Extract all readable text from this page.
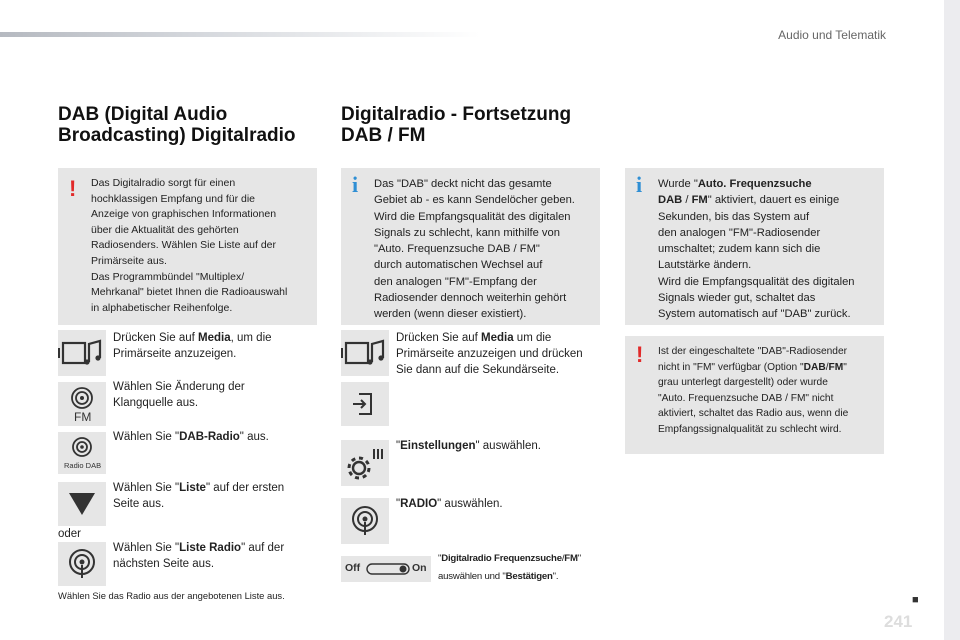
Audio und Telematik
DAB (Digital Audio
Broadcasting) Digitalradio
! Das Digitalradio sorgt für einen
hochklassigen Empfang und für die
Anzeige von graphischen Informationen
über die Aktualität des gehörten
Radiosenders. Wählen Sie Liste auf der
Primärseite aus.
Das Programmbündel "Multiplex/
Mehrkanal" bietet Ihnen die Radioauswahl
in alphabetischer Reihenfolge.
Drücken Sie auf Media, um die
Primärseite anzuzeigen.
FM
Wählen Sie Änderung der
Klangquelle aus.
Radio DAB
Wählen Sie "DAB-Radio" aus.
Wählen Sie "Liste" auf der ersten
Seite aus.
oder
Wählen Sie "Liste Radio" auf der
nächsten Seite aus.
Wählen Sie das Radio aus der angebotenen Liste aus.
Digitalradio - Fortsetzung
DAB / FM
i Das "DAB" deckt nicht das gesamte
Gebiet ab - es kann Sendelöcher geben.
Wird die Empfangsqualität des digitalen
Signals zu schlecht, kann mithilfe von
"Auto. Frequenzsuche DAB / FM"
durch automatischen Wechsel auf
den analogen "FM"-Empfang der
Radiosender dennoch weiterhin gehört
werden (wenn dieser existiert).
Drücken Sie auf Media um die
Primärseite anzuzeigen und drücken
Sie dann auf die Sekundärseite.
"Einstellungen" auswählen.
"RADIO" auswählen.
Off	On
"Digitalradio Frequenzsuche/FM"
auswählen und "Bestätigen".
i Wurde "Auto. Frequenzsuche
DAB / FM" aktiviert, dauert es einige
Sekunden, bis das System auf
den analogen "FM"-Radiosender
umschaltet; zudem kann sich die
Lautstärke ändern.
Wird die Empfangsqualität des digitalen
Signals wieder gut, schaltet das
System automatisch auf "DAB" zurück.
! Ist der eingeschaltete "DAB"-Radiosender
nicht in "FM" verfügbar (Option "DAB/FM"
grau unterlegt dargestellt) oder wurde
"Auto. Frequenzsuche DAB / FM" nicht
aktiviert, schaltet das Radio aus, wenn die
Empfangssignalqualität zu schlecht wird.
■
241
